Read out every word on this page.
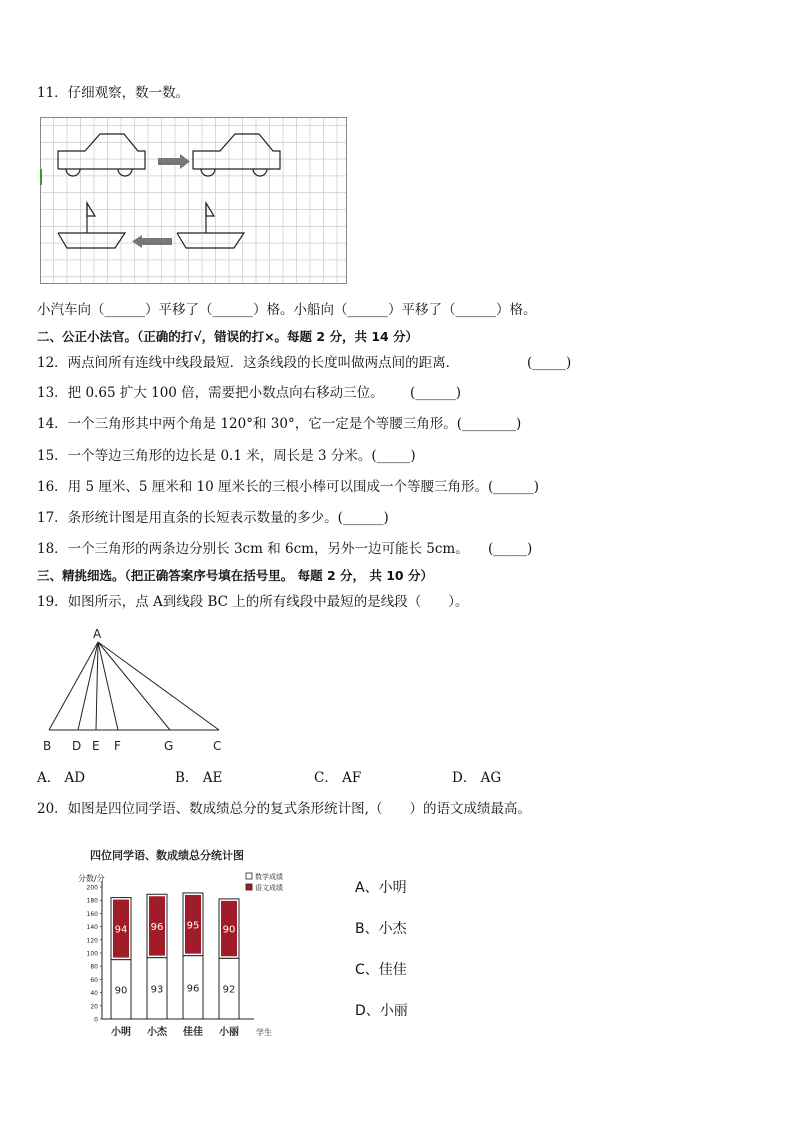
11．仔细观察，数一数。
小汽车向（______）平移了（______）格。小船向（______）平移了（______）格。
二、公正小法官。（正确的打√，错误的打×。每题 2 分，共 14 分）
12．两点间所有连线中线段最短．这条线段的长度叫做两点间的距离．	(_____)
13．把 0.65 扩大 100 倍，需要把小数点向右移动三位。 (______)
14．一个三角形其中两个角是 120°和 30°，它一定是个等腰三角形。(________)
15．一个等边三角形的边长是 0.1 米，周长是 3 分米。(_____)
16．用 5 厘米、5 厘米和 10 厘米长的三根小棒可以围成一个等腰三角形。(______)
17．条形统计图是用直条的长短表示数量的多少。(______)
18．一个三角形的两条边分别长 3cm 和 6cm，另外一边可能长 5cm。 (_____)
三、精挑细选。（把正确答案序号填在括号里。 每题 2 分， 共 10 分）
19．如图所示，点 A到线段 BC 上的所有线段中最短的是线段（　　）。
A
B D E F	G	C
A． AD	B． AE	C． AF	D． AG
20．如图是四位同学语、数成绩总分的复式条形统计图,（　　）的语文成绩最高。
四位同学语、数成绩总分统计图
分数/分
学生
数学成绩
语文成绩
0
20
40
60
80
100
120
140
160
180
200
90
94
93
96
96
95
92
90
小明 小杰 佳佳 小丽
A、小明
B、小杰
C、佳佳
D、小丽
